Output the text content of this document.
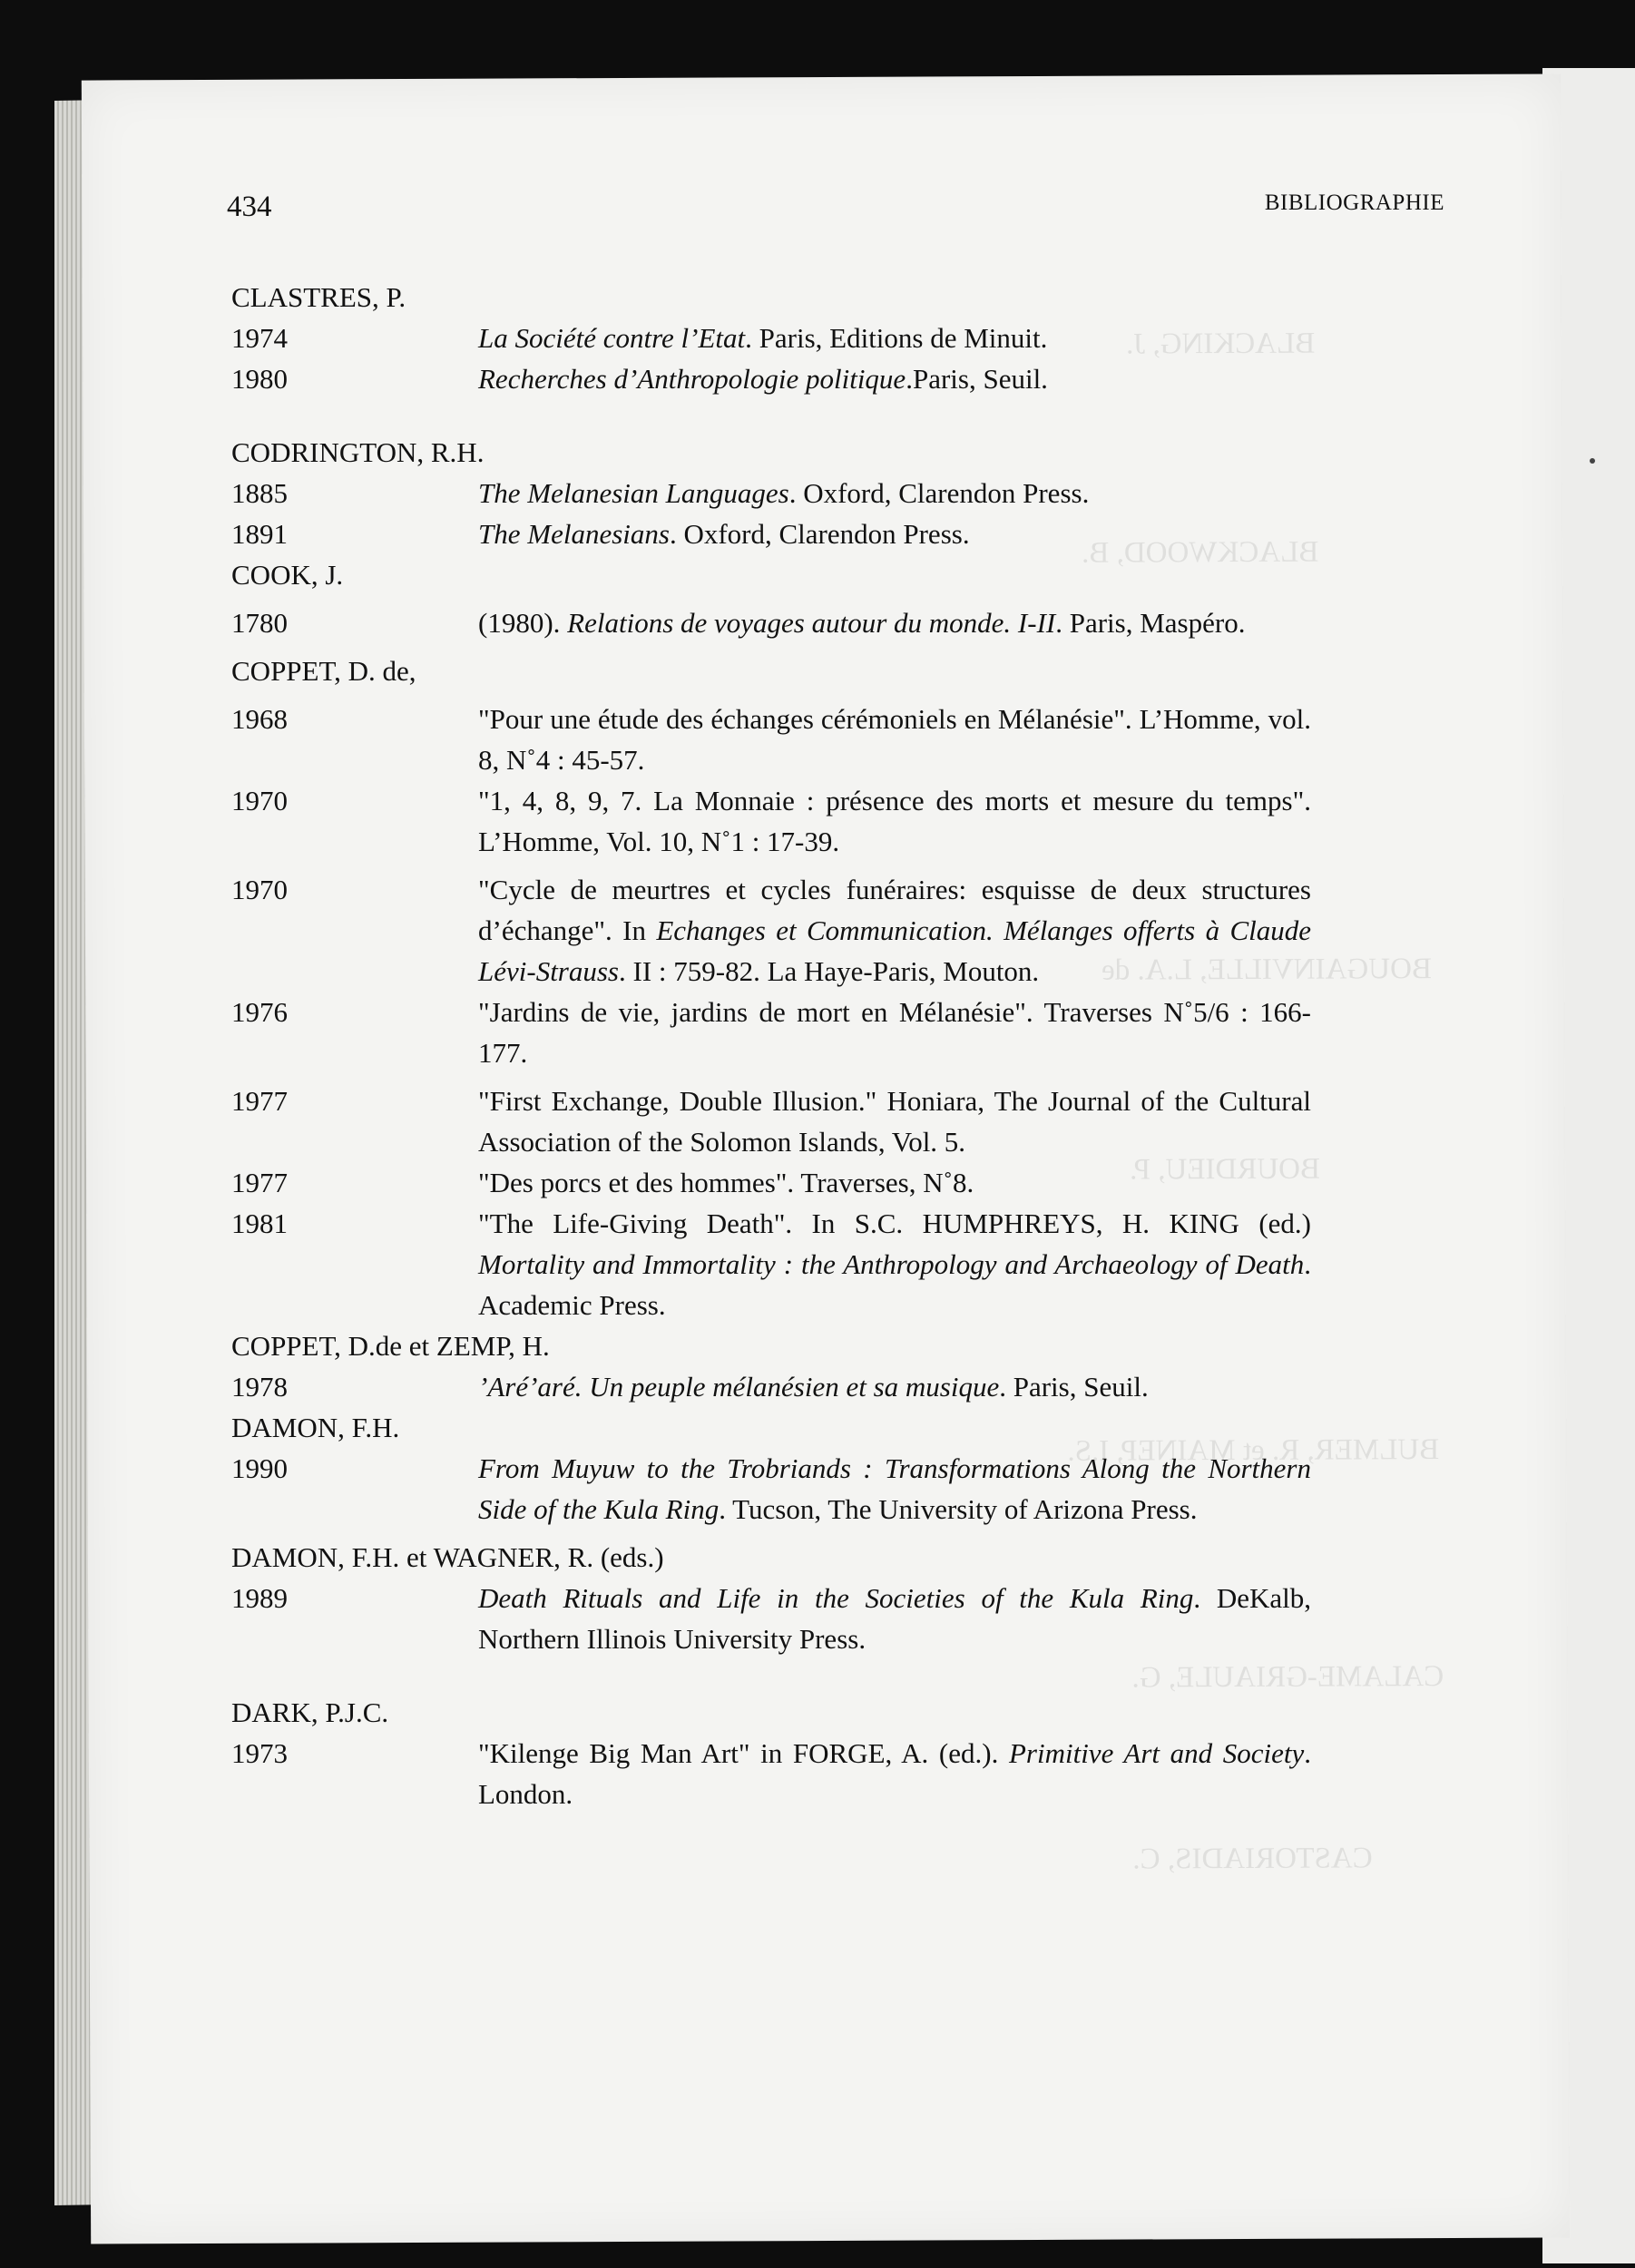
BLACKING, J.
BLACKWOOD, B.
BOUGAINVILLE, L.A. de
BOURDIEU, P.
BULMER, R. et MAINEP, I.S.
CALAME-GRIAULE, G.
CASTORIADIS, C.
434	BIBLIOGRAPHIE
CLASTRES, P.
1974	La Société contre l’Etat. Paris, Editions de Minuit.
1980	Recherches d’Anthropologie politique.Paris, Seuil.
CODRINGTON, R.H.
1885	The Melanesian Languages. Oxford, Clarendon Press.
1891	The Melanesians. Oxford, Clarendon Press.
COOK, J.
1780	(1980). Relations de voyages autour du monde. I-II. Paris, Maspéro.
COPPET, D. de,
1968	"Pour une étude des échanges cérémoniels en Mélanésie". L’Homme, vol. 8, N˚4 : 45-57.
1970	"1, 4, 8, 9, 7. La Monnaie : présence des morts et mesure du temps". L’Homme, Vol. 10, N˚1 : 17-39.
1970	"Cycle de meurtres et cycles funéraires: esquisse de deux structures d’échange". In Echanges et Communication. Mélanges offerts à Claude Lévi-Strauss. II : 759-82. La Haye-Paris, Mouton.
1976	"Jardins de vie, jardins de mort en Mélanésie". Traverses N˚5/6 : 166-177.
1977	"First Exchange, Double Illusion." Honiara, The Journal of the Cultural Association of the Solomon Islands, Vol. 5.
1977	"Des porcs et des hommes". Traverses, N˚8.
1981	"The Life-Giving Death". In S.C. HUMPHREYS, H. KING (ed.) Mortality and Immortality : the Anthropology and Archaeology of Death. Academic Press.
COPPET, D.de et ZEMP, H.
1978	’Aré’aré. Un peuple mélanésien et sa musique. Paris, Seuil.
DAMON, F.H.
1990	From Muyuw to the Trobriands : Transformations Along the Northern Side of the Kula Ring. Tucson, The University of Arizona Press.
DAMON, F.H. et WAGNER, R. (eds.)
1989	Death Rituals and Life in the Societies of the Kula Ring. DeKalb, Northern Illinois University Press.
DARK, P.J.C.
1973	"Kilenge Big Man Art" in FORGE, A. (ed.). Primitive Art and Society. London.
